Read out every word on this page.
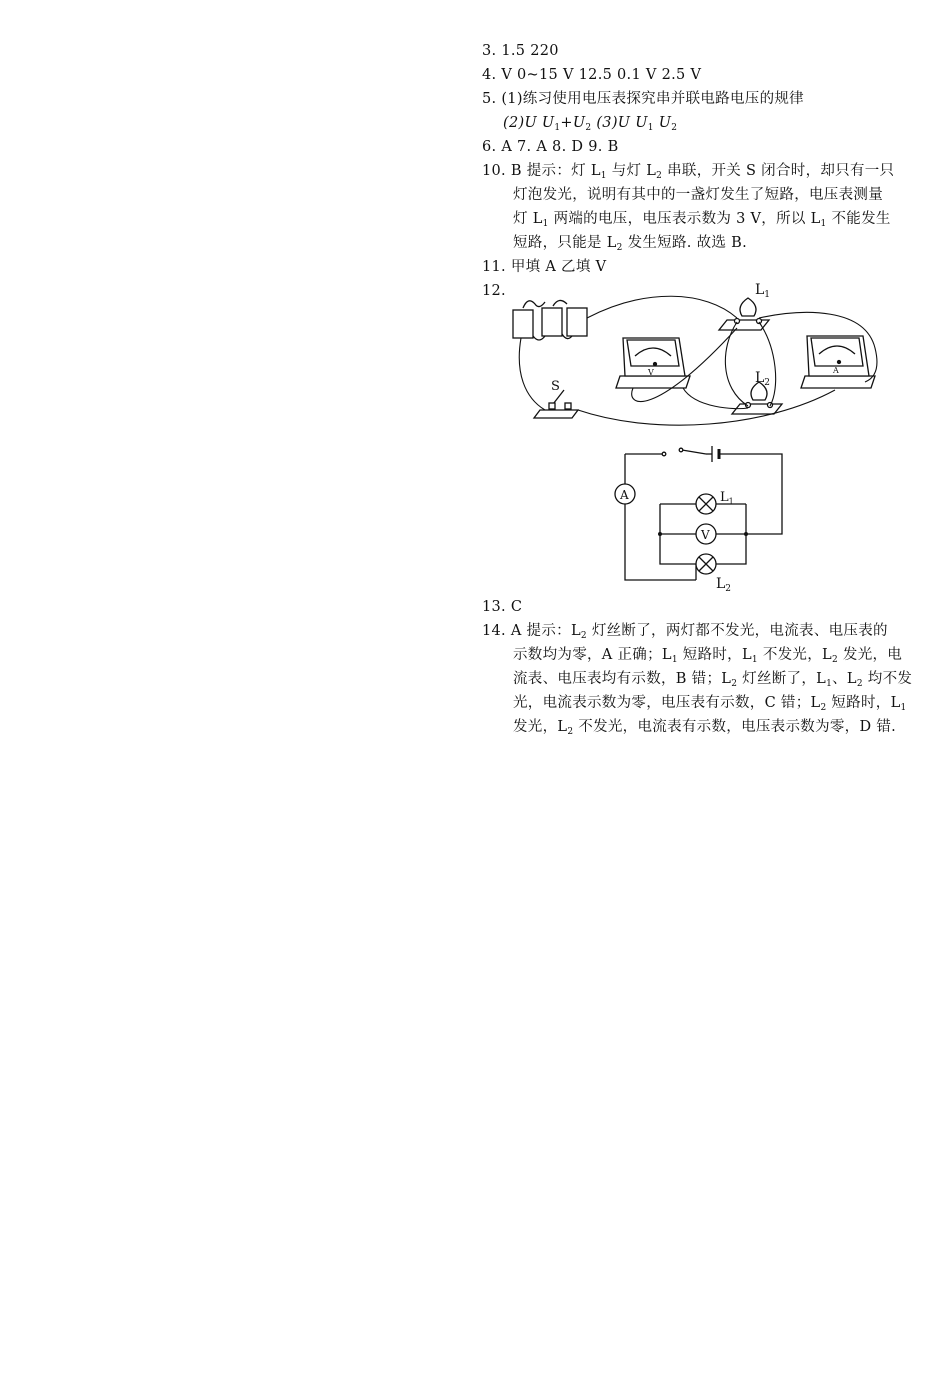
3. 1.5 220
4. V 0~15 V 12.5 0.1 V 2.5 V
5. (1)练习使用电压表探究串并联电路电压的规律
(2)U $U_1+U_2$ (3)U $U_1$ $U_2$
6. A 7. A 8. D 9. B
10. B 提示：灯 $L_1$ 与灯 $L_2$ 串联，开关 S 闭合时，却只有一只
灯泡发光，说明有其中的一盏灯发生了短路，电压表测量
灯 $L_1$ 两端的电压，电压表示数为 3 V，所以 $L_1$ 不能发生
短路，只能是 $L_2$ 发生短路. 故选 B.
11. 甲填 A 乙填 V
12.
S
V	A
$L_1$
$L_2$
A	$L_1$
V
$L_2$
13. C
14. A 提示：$L_2$ 灯丝断了，两灯都不发光，电流表、电压表的
示数均为零，A 正确；$L_1$ 短路时，$L_1$ 不发光，$L_2$ 发光，电
流表、电压表均有示数，B 错；$L_2$ 灯丝断了，$L_1$、$L_2$ 均不发
光，电流表示数为零，电压表有示数，C 错；$L_2$ 短路时，$L_1$
发光，$L_2$ 不发光，电流表有示数，电压表示数为零，D 错.
